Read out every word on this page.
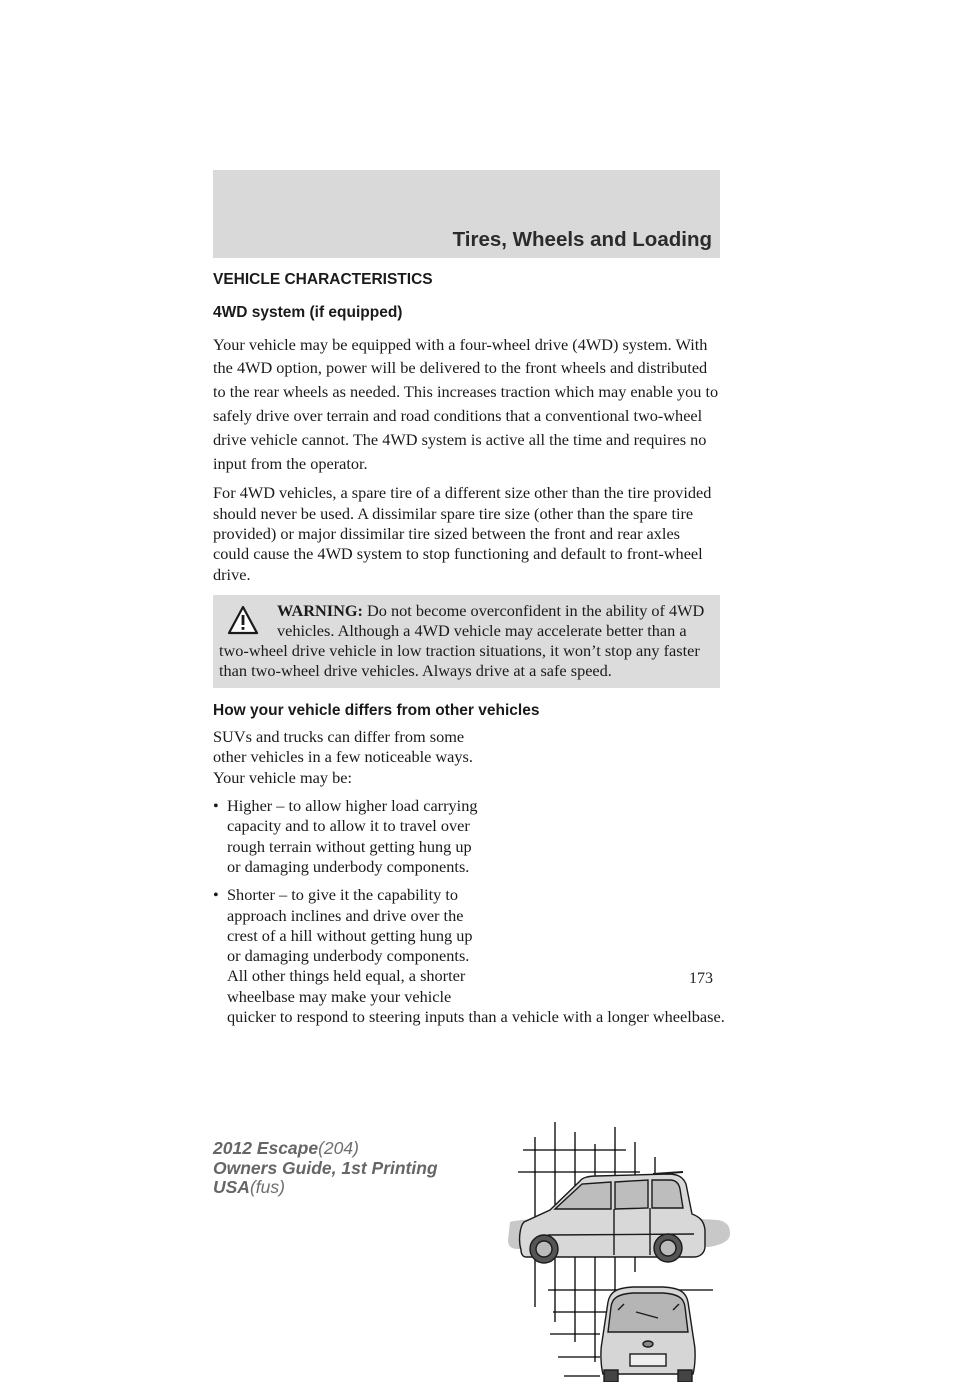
Tires, Wheels and Loading
VEHICLE CHARACTERISTICS
4WD system (if equipped)

Your vehicle may be equipped with a four-wheel drive (4WD) system. With the 4WD option, power will be delivered to the front wheels and distributed to the rear wheels as needed. This increases traction which may enable you to safely drive over terrain and road conditions that a conventional two-wheel drive vehicle cannot. The 4WD system is active all the time and requires no input from the operator.

For 4WD vehicles, a spare tire of a different size other than the tire provided should never be used. A dissimilar spare tire size (other than the spare tire provided) or major dissimilar tire sized between the front and rear axles could cause the 4WD system to stop functioning and default to front-wheel drive.

WARNING: Do not become overconfident in the ability of 4WD vehicles. Although a 4WD vehicle may accelerate better than a two-wheel drive vehicle in low traction situations, it won’t stop any faster than two-wheel drive vehicles. Always drive at a safe speed.
How your vehicle differs from other vehicles

SUVs and trucks can differ from some other vehicles in a few noticeable ways. Your vehicle may be:

• Higher – to allow higher load carrying capacity and to allow it to travel over rough terrain without getting hung up or damaging underbody components.
• Shorter – to give it the capability to approach inclines and drive over the crest of a hill without getting hung up or damaging underbody components. All other things held equal, a shorter wheelbase may make your vehicle
quicker to respond to steering inputs than a vehicle with a longer wheelbase.

173

2012 Escape(204)
Owners Guide, 1st Printing
USA(fus)
